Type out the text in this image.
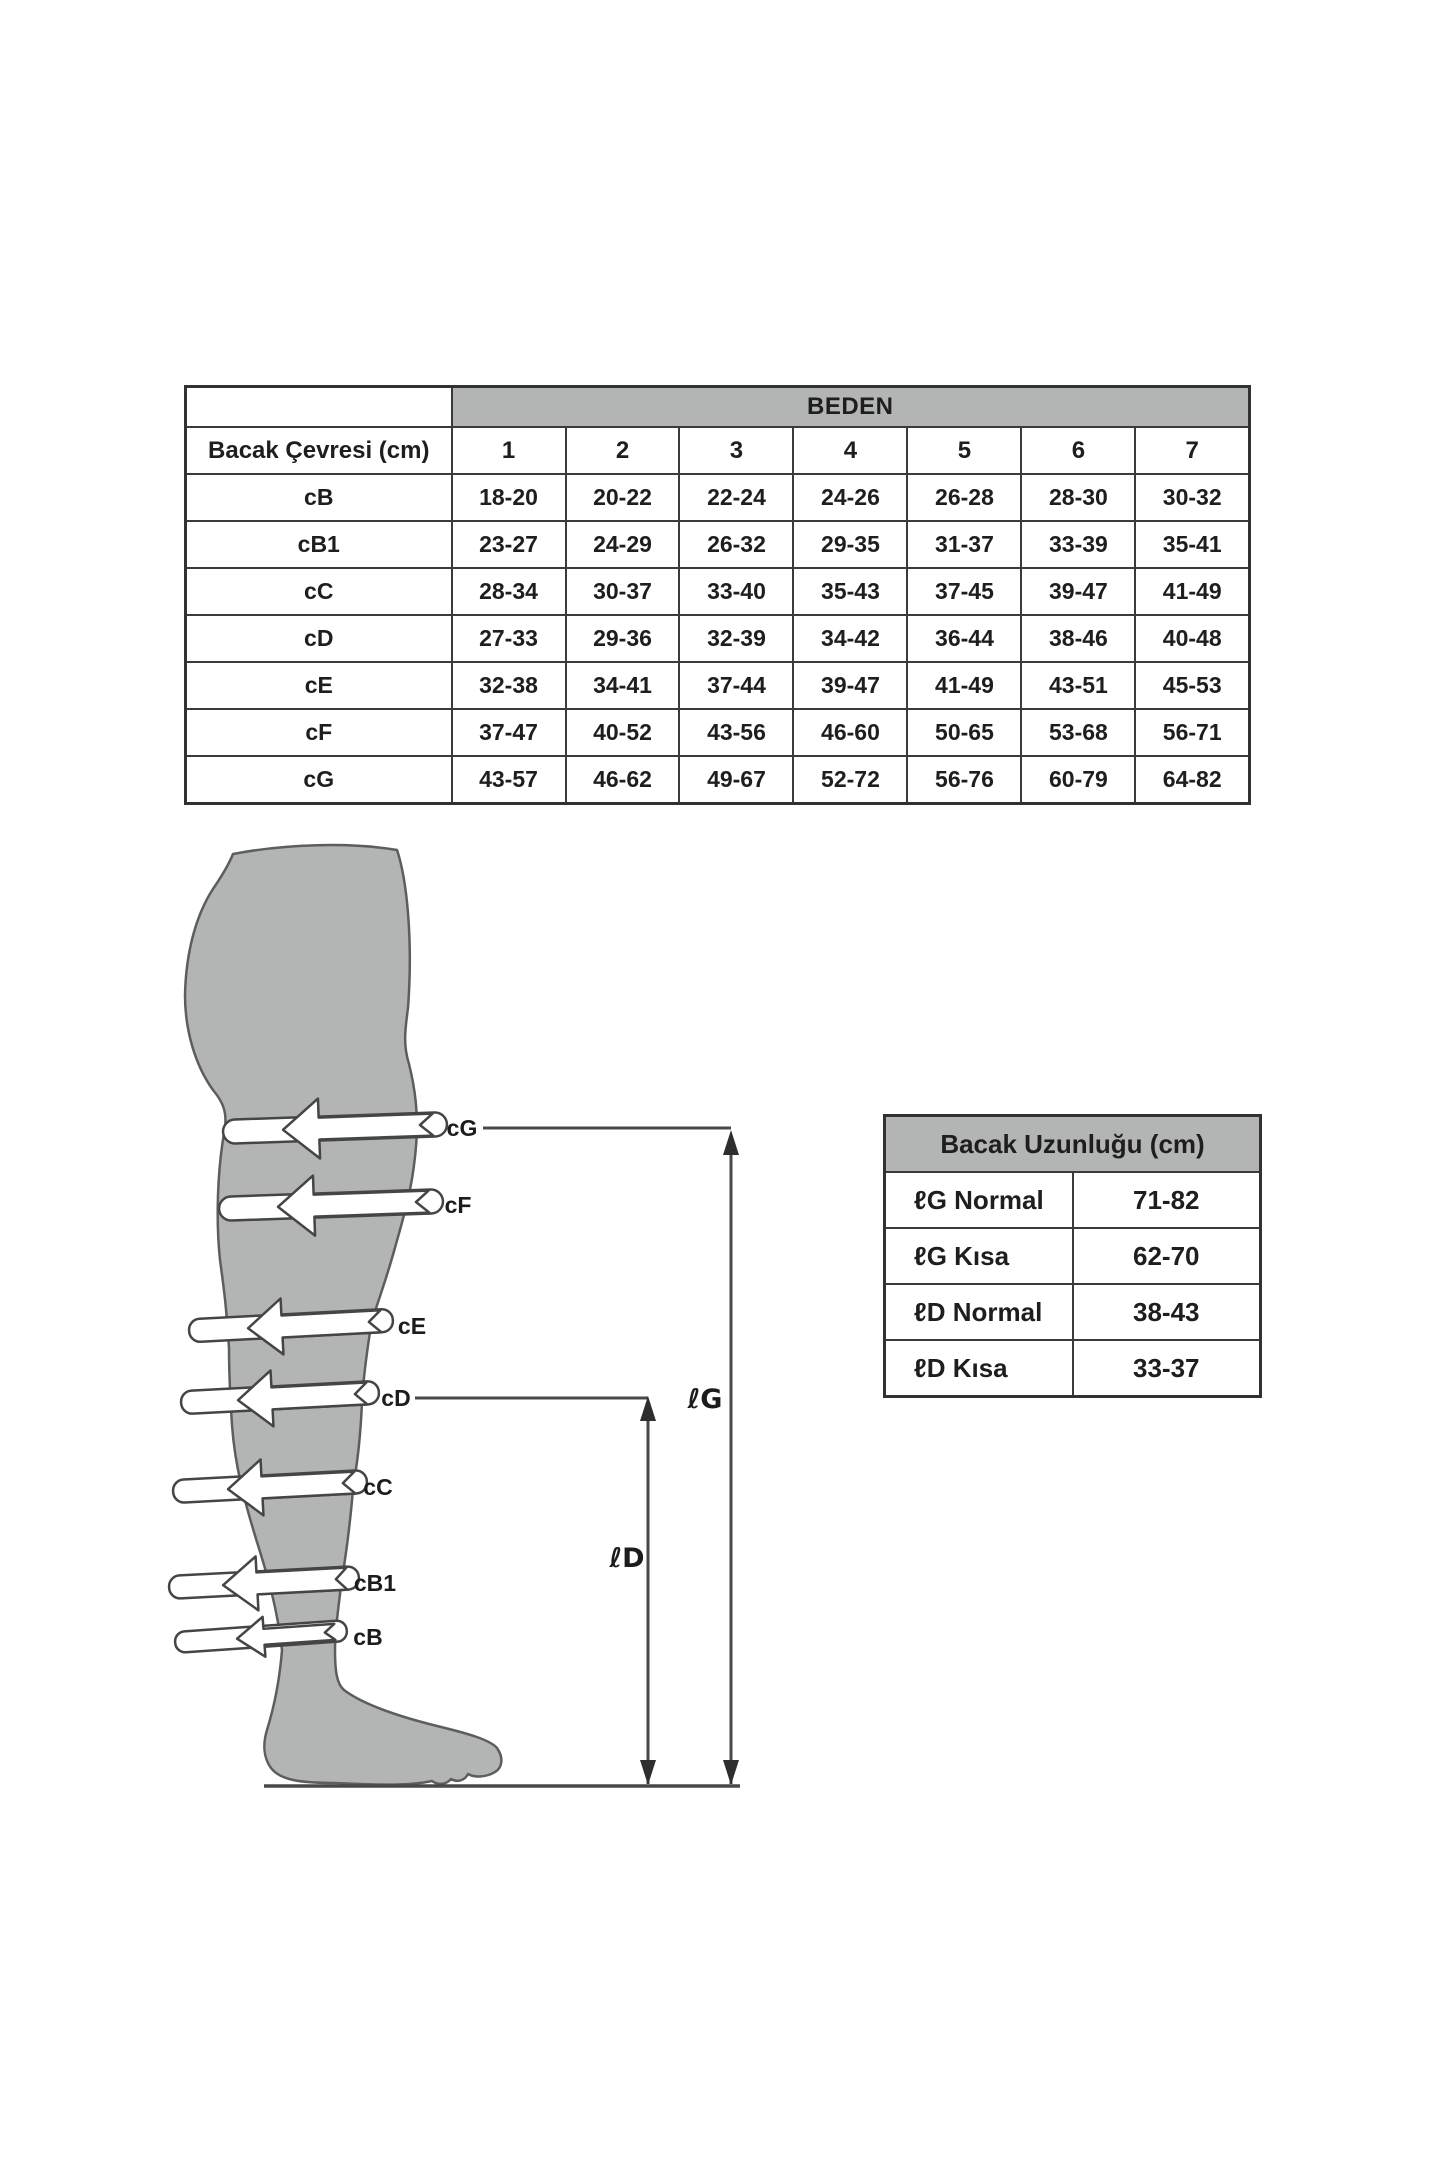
	BEDEN						
Bacak Çevresi (cm)	1	2	3	4	5	6	7
cB	18-20	20-22	22-24	24-26	26-28	28-30	30-32
cB1	23-27	24-29	26-32	29-35	31-37	33-39	35-41
cC	28-34	30-37	33-40	35-43	37-45	39-47	41-49
cD	27-33	29-36	32-39	34-42	36-44	38-46	40-48
cE	32-38	34-41	37-44	39-47	41-49	43-51	45-53
cF	37-47	40-52	43-56	46-60	50-65	53-68	56-71
cG	43-57	46-62	49-67	52-72	56-76	60-79	64-82
cG
cF
cE
cD
cC
cB1
cB
ℓG
ℓD
Bacak Uzunluğu (cm)	
ℓG Normal	71-82
ℓG Kısa	62-70
ℓD Normal	38-43
ℓD Kısa	33-37
